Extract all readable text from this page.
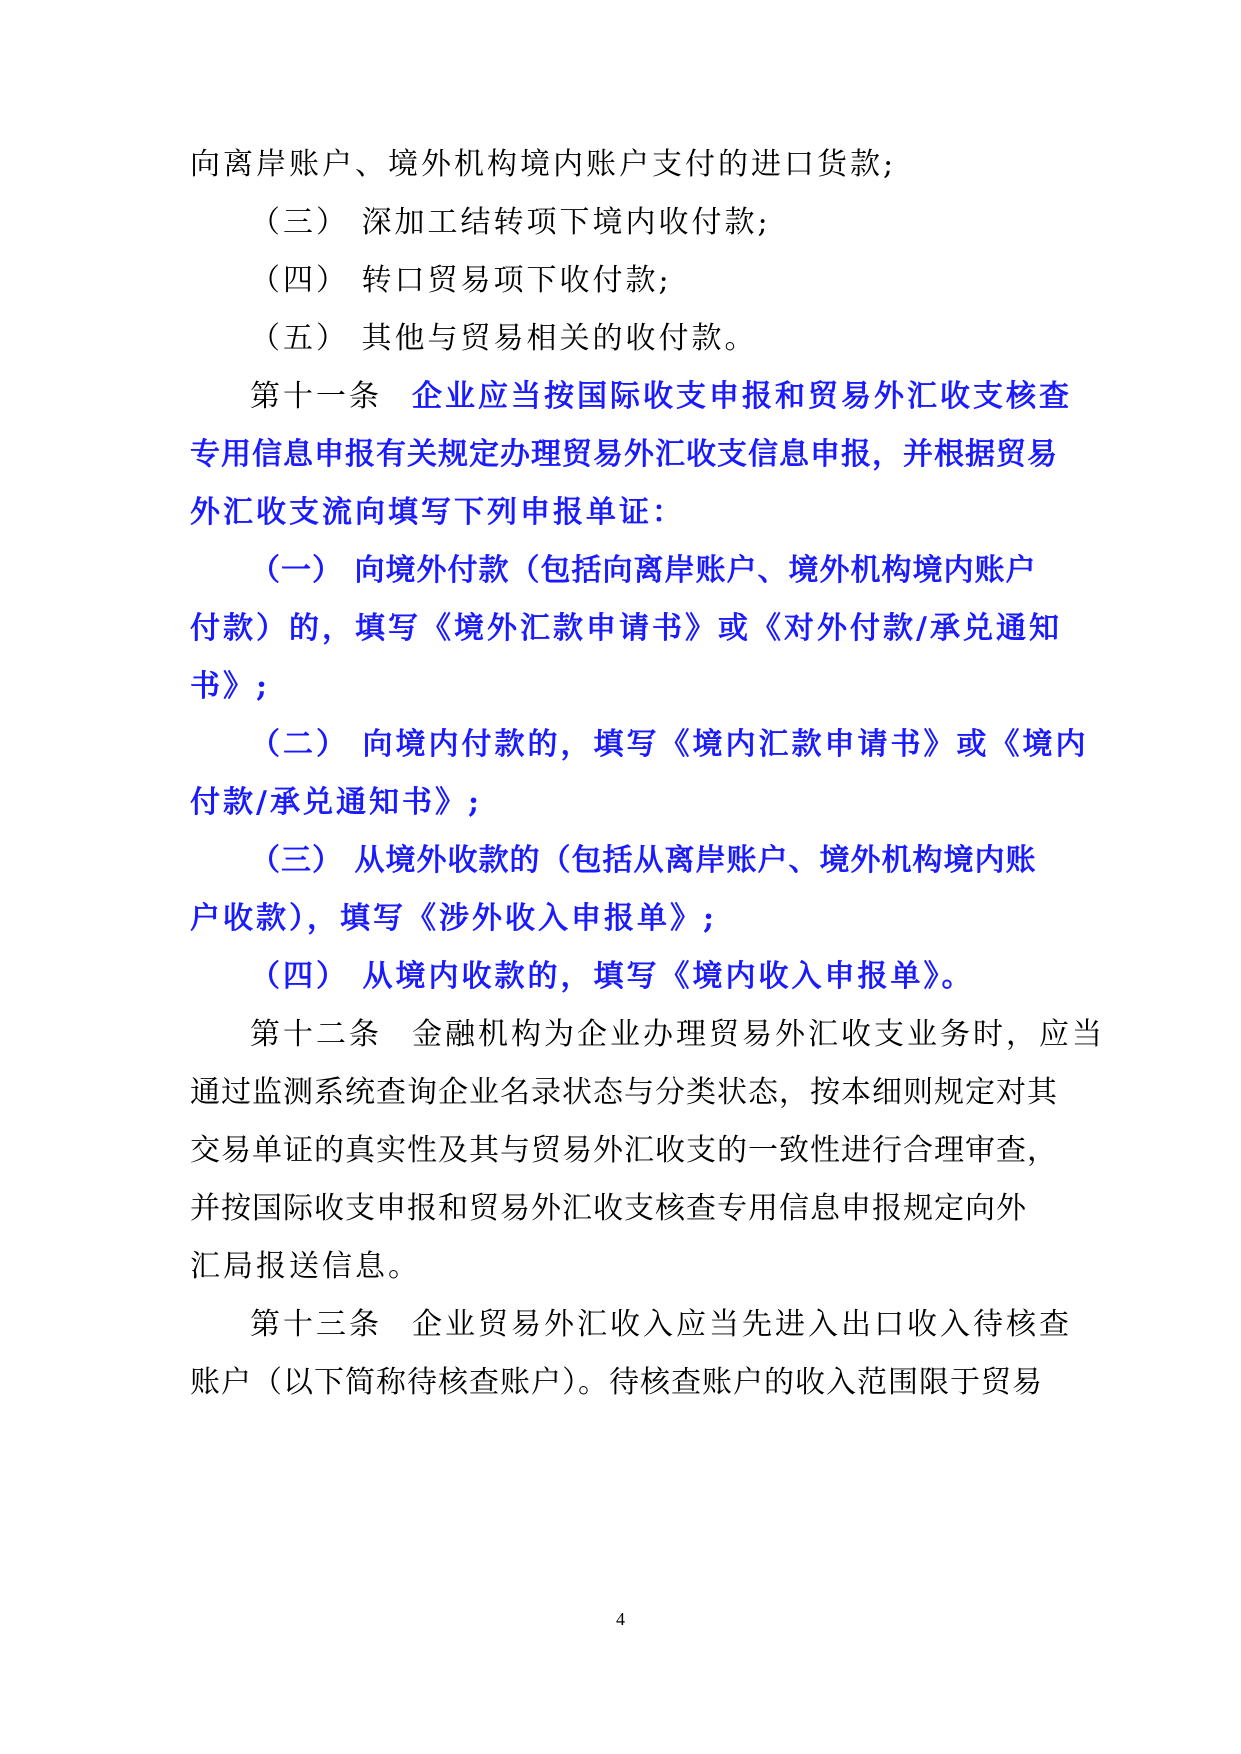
向离岸账户、境外机构境内账户支付的进口货款;
（三） 深加工结转项下境内收付款;
（四） 转口贸易项下收付款;
（五） 其他与贸易相关的收付款。
第十一条 企业应当按国际收支申报和贸易外汇收支核查
专用信息申报有关规定办理贸易外汇收支信息申报，并根据贸易
外汇收支流向填写下列申报单证：
（一） 向境外付款（包括向离岸账户、境外机构境内账户
付款）的，填写《境外汇款申请书》或《对外付款/承兑通知
书》;
（二） 向境内付款的，填写《境内汇款申请书》或《境内
付款/承兑通知书》;
（三） 从境外收款的（包括从离岸账户、境外机构境内账
户收款），填写《涉外收入申报单》;
（四） 从境内收款的，填写《境内收入申报单》。
第十二条 金融机构为企业办理贸易外汇收支业务时，应当
通过监测系统查询企业名录状态与分类状态，按本细则规定对其
交易单证的真实性及其与贸易外汇收支的一致性进行合理审查，
并按国际收支申报和贸易外汇收支核查专用信息申报规定向外
汇局报送信息。
第十三条 企业贸易外汇收入应当先进入出口收入待核查
账户（以下简称待核查账户）。待核查账户的收入范围限于贸易
4
